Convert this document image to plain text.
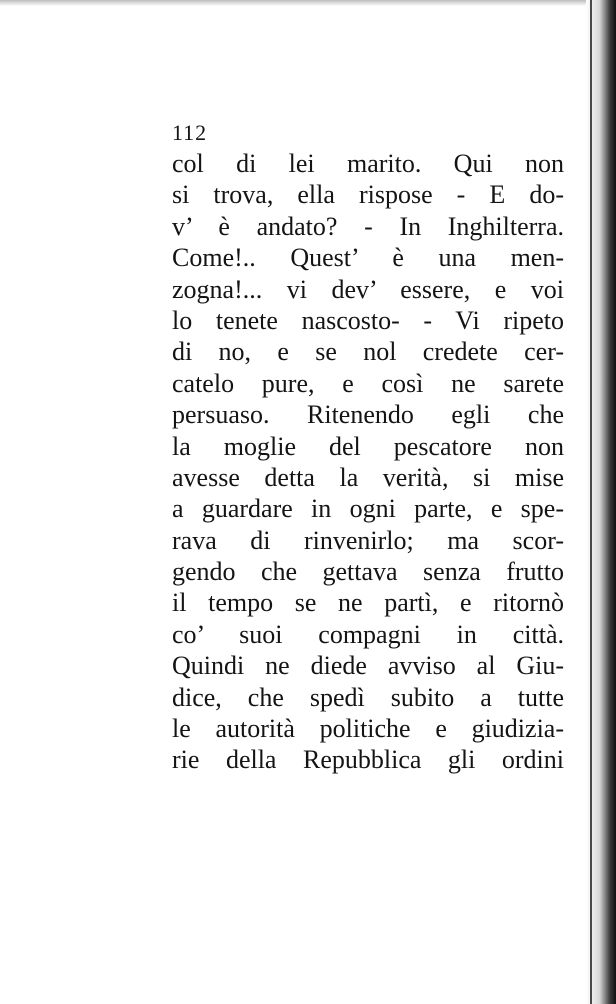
112
col di lei marito. Qui non
si trova, ella rispose - E do-
v’ è andato? - In Inghilterra.
Come!.. Quest’ è una men-
zogna!... vi dev’ essere, e voi
lo tenete nascosto- - Vi ripeto
di no, e se nol credete cer-
catelo pure, e così ne sarete
persuaso. Ritenendo egli che
la moglie del pescatore non
avesse detta la verità, si mise
a guardare in ogni parte, e spe-
rava di rinvenirlo; ma scor-
gendo che gettava senza frutto
il tempo se ne partì, e ritornò
co’ suoi compagni in città.
Quindi ne diede avviso al Giu-
dice, che spedì subito a tutte
le autorità politiche e giudizia-
rie della Repubblica gli ordini
